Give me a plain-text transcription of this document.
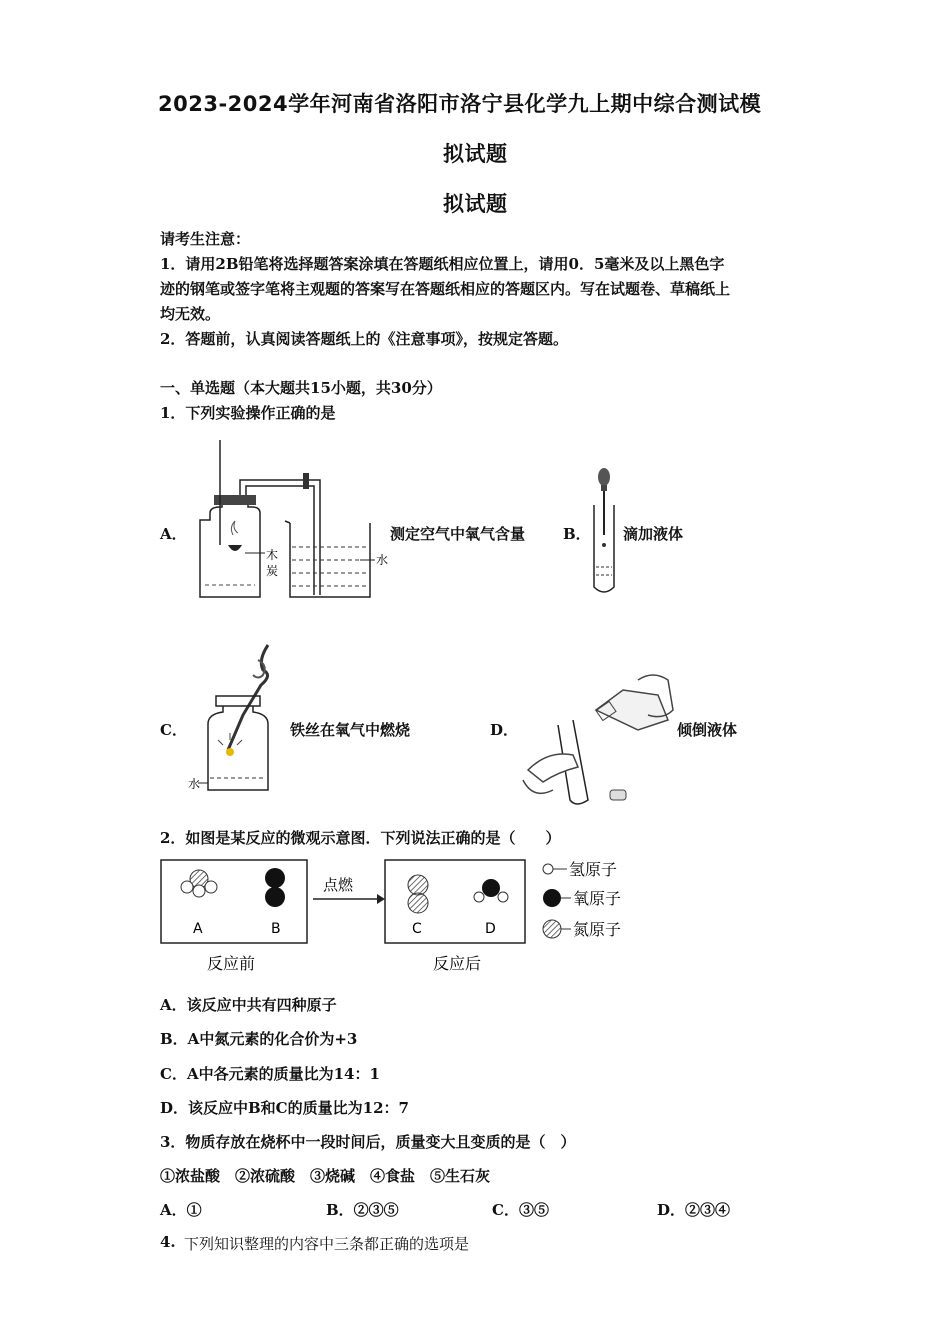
2023-2024学年河南省洛阳市洛宁县化学九上期中综合测试模
拟试题
拟试题
请考生注意：
1．请用2B铅笔将选择题答案涂填在答题纸相应位置上，请用0．5毫米及以上黑色字
迹的钢笔或签字笔将主观题的答案写在答题纸相应的答题区内。写在试题卷、草稿纸上
均无效。
2．答题前，认真阅读答题纸上的《注意事项》，按规定答题。
一、单选题（本大题共15小题，共30分）
1．下列实验操作正确的是
A．
木
炭
水
测定空气中氧气含量	B． 滴加液体
C．
水
铁丝在氧气中燃烧	D．	倾倒液体
2．如图是某反应的微观示意图．下列说法正确的是（　　）
A	B
点燃
C	D
反应前	反应后
氢原子
氧原子
氮原子
A．该反应中共有四种原子
B．A中氮元素的化合价为+3
C．A中各元素的质量比为14：1
D．该反应中B和C的质量比为12：7
3．物质存放在烧杯中一段时间后，质量变大且变质的是（　）
①浓盐酸　②浓硫酸　③烧碱　④食盐　⑤生石灰
A．①	B．②③⑤	C．③⑤	D．②③④
4. 下列知识整理的内容中三条都正确的选项是
